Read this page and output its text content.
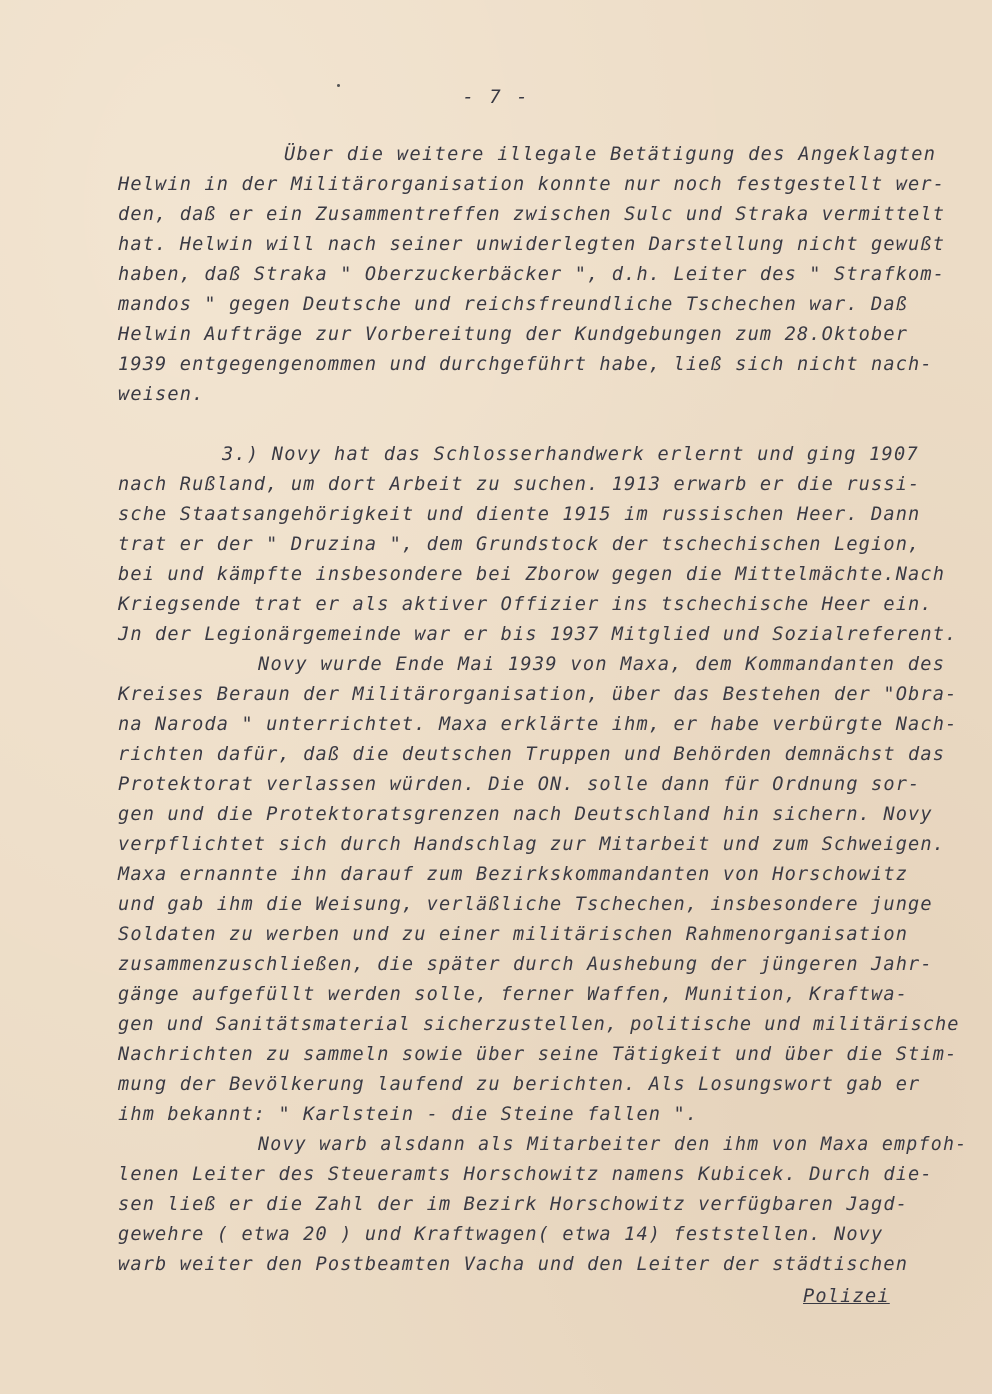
- 7 -
Über die weitere illegale Betätigung des Angeklagten
Helwin in der Militärorganisation konnte nur noch festgestellt wer-
den, daß er ein Zusammentreffen zwischen Sulc und Straka vermittelt
hat. Helwin will nach seiner unwiderlegten Darstellung nicht gewußt
haben, daß Straka " Oberzuckerbäcker ", d.h. Leiter des " Strafkom-
mandos " gegen Deutsche und reichsfreundliche Tschechen war. Daß
Helwin Aufträge zur Vorbereitung der Kundgebungen zum 28.Oktober
1939 entgegengenommen und durchgeführt habe, ließ sich nicht nach-
weisen.
3.) Novy hat das Schlosserhandwerk erlernt und ging 1907
nach Rußland, um dort Arbeit zu suchen. 1913 erwarb er die russi-
sche Staatsangehörigkeit und diente 1915 im russischen Heer. Dann
trat er der " Druzina ", dem Grundstock der tschechischen Legion,
bei und kämpfte insbesondere bei Zborow gegen die Mittelmächte.Nach
Kriegsende trat er als aktiver Offizier ins tschechische Heer ein.
Jn der Legionärgemeinde war er bis 1937 Mitglied und Sozialreferent.
Novy wurde Ende Mai 1939 von Maxa, dem Kommandanten des
Kreises Beraun der Militärorganisation, über das Bestehen der "Obra-
na Naroda " unterrichtet. Maxa erklärte ihm, er habe verbürgte Nach-
richten dafür, daß die deutschen Truppen und Behörden demnächst das
Protektorat verlassen würden. Die ON. solle dann für Ordnung sor-
gen und die Protektoratsgrenzen nach Deutschland hin sichern. Novy
verpflichtet sich durch Handschlag zur Mitarbeit und zum Schweigen.
Maxa ernannte ihn darauf zum Bezirkskommandanten von Horschowitz
und gab ihm die Weisung, verläßliche Tschechen, insbesondere junge
Soldaten zu werben und zu einer militärischen Rahmenorganisation
zusammenzuschließen, die später durch Aushebung der jüngeren Jahr-
gänge aufgefüllt werden solle, ferner Waffen, Munition, Kraftwa-
gen und Sanitätsmaterial sicherzustellen, politische und militärische
Nachrichten zu sammeln sowie über seine Tätigkeit und über die Stim-
mung der Bevölkerung laufend zu berichten. Als Losungswort gab er
ihm bekannt: " Karlstein - die Steine fallen ".
Novy warb alsdann als Mitarbeiter den ihm von Maxa empfoh-
lenen Leiter des Steueramts Horschowitz namens Kubicek. Durch die-
sen ließ er die Zahl der im Bezirk Horschowitz verfügbaren Jagd-
gewehre ( etwa 20 ) und Kraftwagen( etwa 14) feststellen. Novy
warb weiter den Postbeamten Vacha und den Leiter der städtischen
Polizei
